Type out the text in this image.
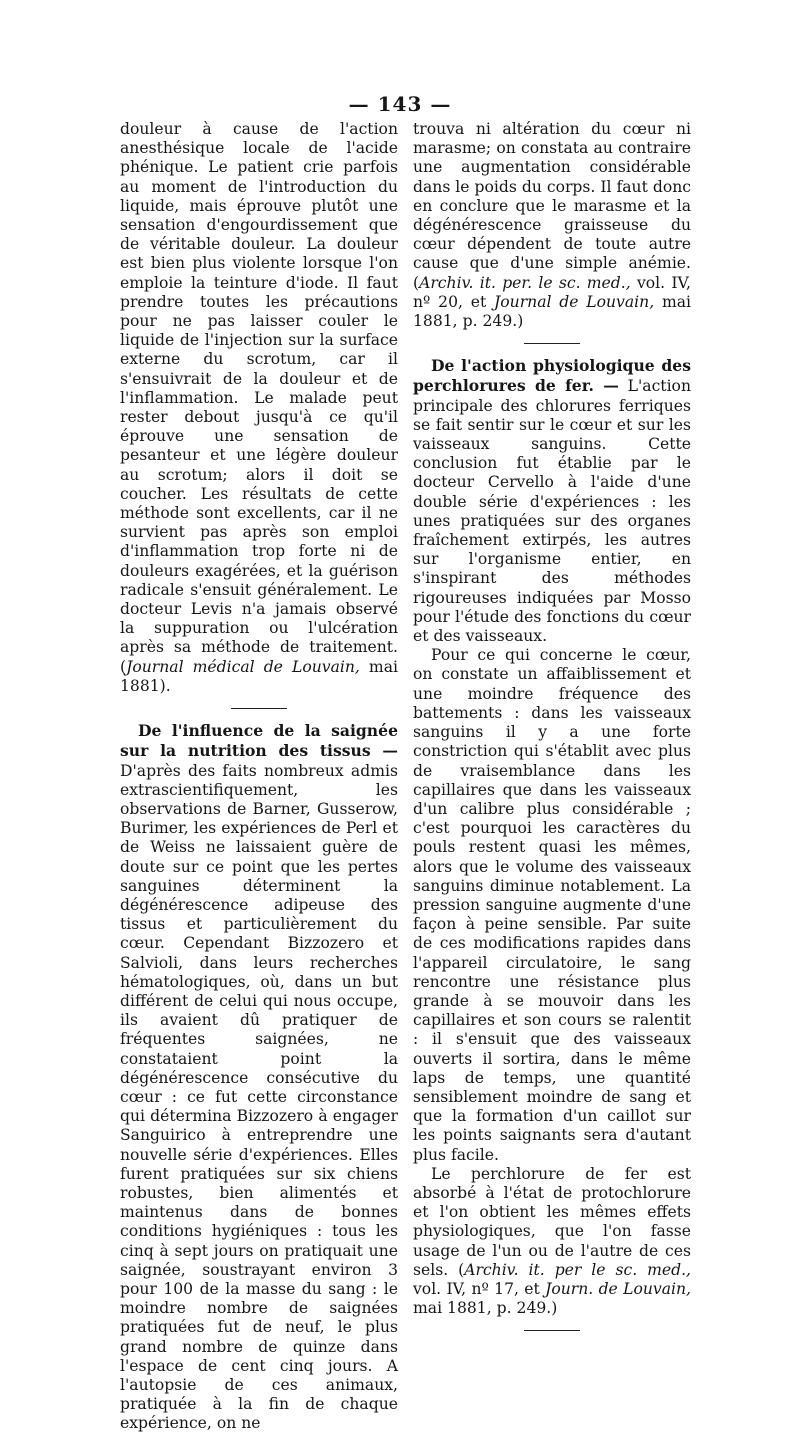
— 143 —

douleur à cause de l'action anesthésique locale de l'acide phénique. Le patient crie parfois au moment de l'introduction du liquide, mais éprouve plutôt une sensation d'engourdissement que de véritable douleur. La douleur est bien plus violente lorsque l'on emploie la teinture d'iode. Il faut prendre toutes les précautions pour ne pas laisser couler le liquide de l'injection sur la surface externe du scrotum, car il s'ensuivrait de la douleur et de l'inflammation. Le malade peut rester debout jusqu'à ce qu'il éprouve une sensation de pesanteur et une légère douleur au scrotum; alors il doit se coucher. Les résultats de cette méthode sont excellents, car il ne survient pas après son emploi d'inflammation trop forte ni de douleurs exagérées, et la guérison radicale s'ensuit généralement. Le docteur Levis n'a jamais observé la suppuration ou l'ulcération après sa méthode de traitement. (Journal médical de Louvain, mai 1881).

De l'influence de la saignée sur la nutrition des tissus — D'après des faits nombreux admis extrascientifiquement, les observations de Barner, Gusserow, Burimer, les expériences de Perl et de Weiss ne laissaient guère de doute sur ce point que les pertes sanguines déterminent la dégénérescence adipeuse des tissus et particulièrement du cœur. Cependant Bizzozero et Salvioli, dans leurs recherches hématologiques, où, dans un but différent de celui qui nous occupe, ils avaient dû pratiquer de fréquentes saignées, ne constataient point la dégénérescence consécutive du cœur : ce fut cette circonstance qui détermina Bizzozero à engager Sanguirico à entreprendre une nouvelle série d'expériences. Elles furent pratiquées sur six chiens robustes, bien alimentés et maintenus dans de bonnes conditions hygiéniques : tous les cinq à sept jours on pratiquait une saignée, soustrayant environ 3 pour 100 de la masse du sang : le moindre nombre de saignées pratiquées fut de neuf, le plus grand nombre de quinze dans l'espace de cent cinq jours. A l'autopsie de ces animaux, pratiquée à la fin de chaque expérience, on ne

trouva ni altération du cœur ni marasme; on constata au contraire une augmentation considérable dans le poids du corps. Il faut donc en conclure que le marasme et la dégénérescence graisseuse du cœur dépendent de toute autre cause que d'une simple anémie. (Archiv. it. per. le sc. med., vol. IV, nº 20, et Journal de Louvain, mai 1881, p. 249.)

De l'action physiologique des perchlorures de fer. — L'action principale des chlorures ferriques se fait sentir sur le cœur et sur les vaisseaux sanguins. Cette conclusion fut établie par le docteur Cervello à l'aide d'une double série d'expériences : les unes pratiquées sur des organes fraîchement extirpés, les autres sur l'organisme entier, en s'inspirant des méthodes rigoureuses indiquées par Mosso pour l'étude des fonctions du cœur et des vaisseaux.

Pour ce qui concerne le cœur, on constate un affaiblissement et une moindre fréquence des battements : dans les vaisseaux sanguins il y a une forte constriction qui s'établit avec plus de vraisemblance dans les capillaires que dans les vaisseaux d'un calibre plus considérable ; c'est pourquoi les caractères du pouls restent quasi les mêmes, alors que le volume des vaisseaux sanguins diminue notablement. La pression sanguine augmente d'une façon à peine sensible. Par suite de ces modifications rapides dans l'appareil circulatoire, le sang rencontre une résistance plus grande à se mouvoir dans les capillaires et son cours se ralentit : il s'ensuit que des vaisseaux ouverts il sortira, dans le même laps de temps, une quantité sensiblement moindre de sang et que la formation d'un caillot sur les points saignants sera d'autant plus facile.

Le perchlorure de fer est absorbé à l'état de protochlorure et l'on obtient les mêmes effets physiologiques, que l'on fasse usage de l'un ou de l'autre de ces sels. (Archiv. it. per le sc. med., vol. IV, nº 17, et Journ. de Louvain, mai 1881, p. 249.)
